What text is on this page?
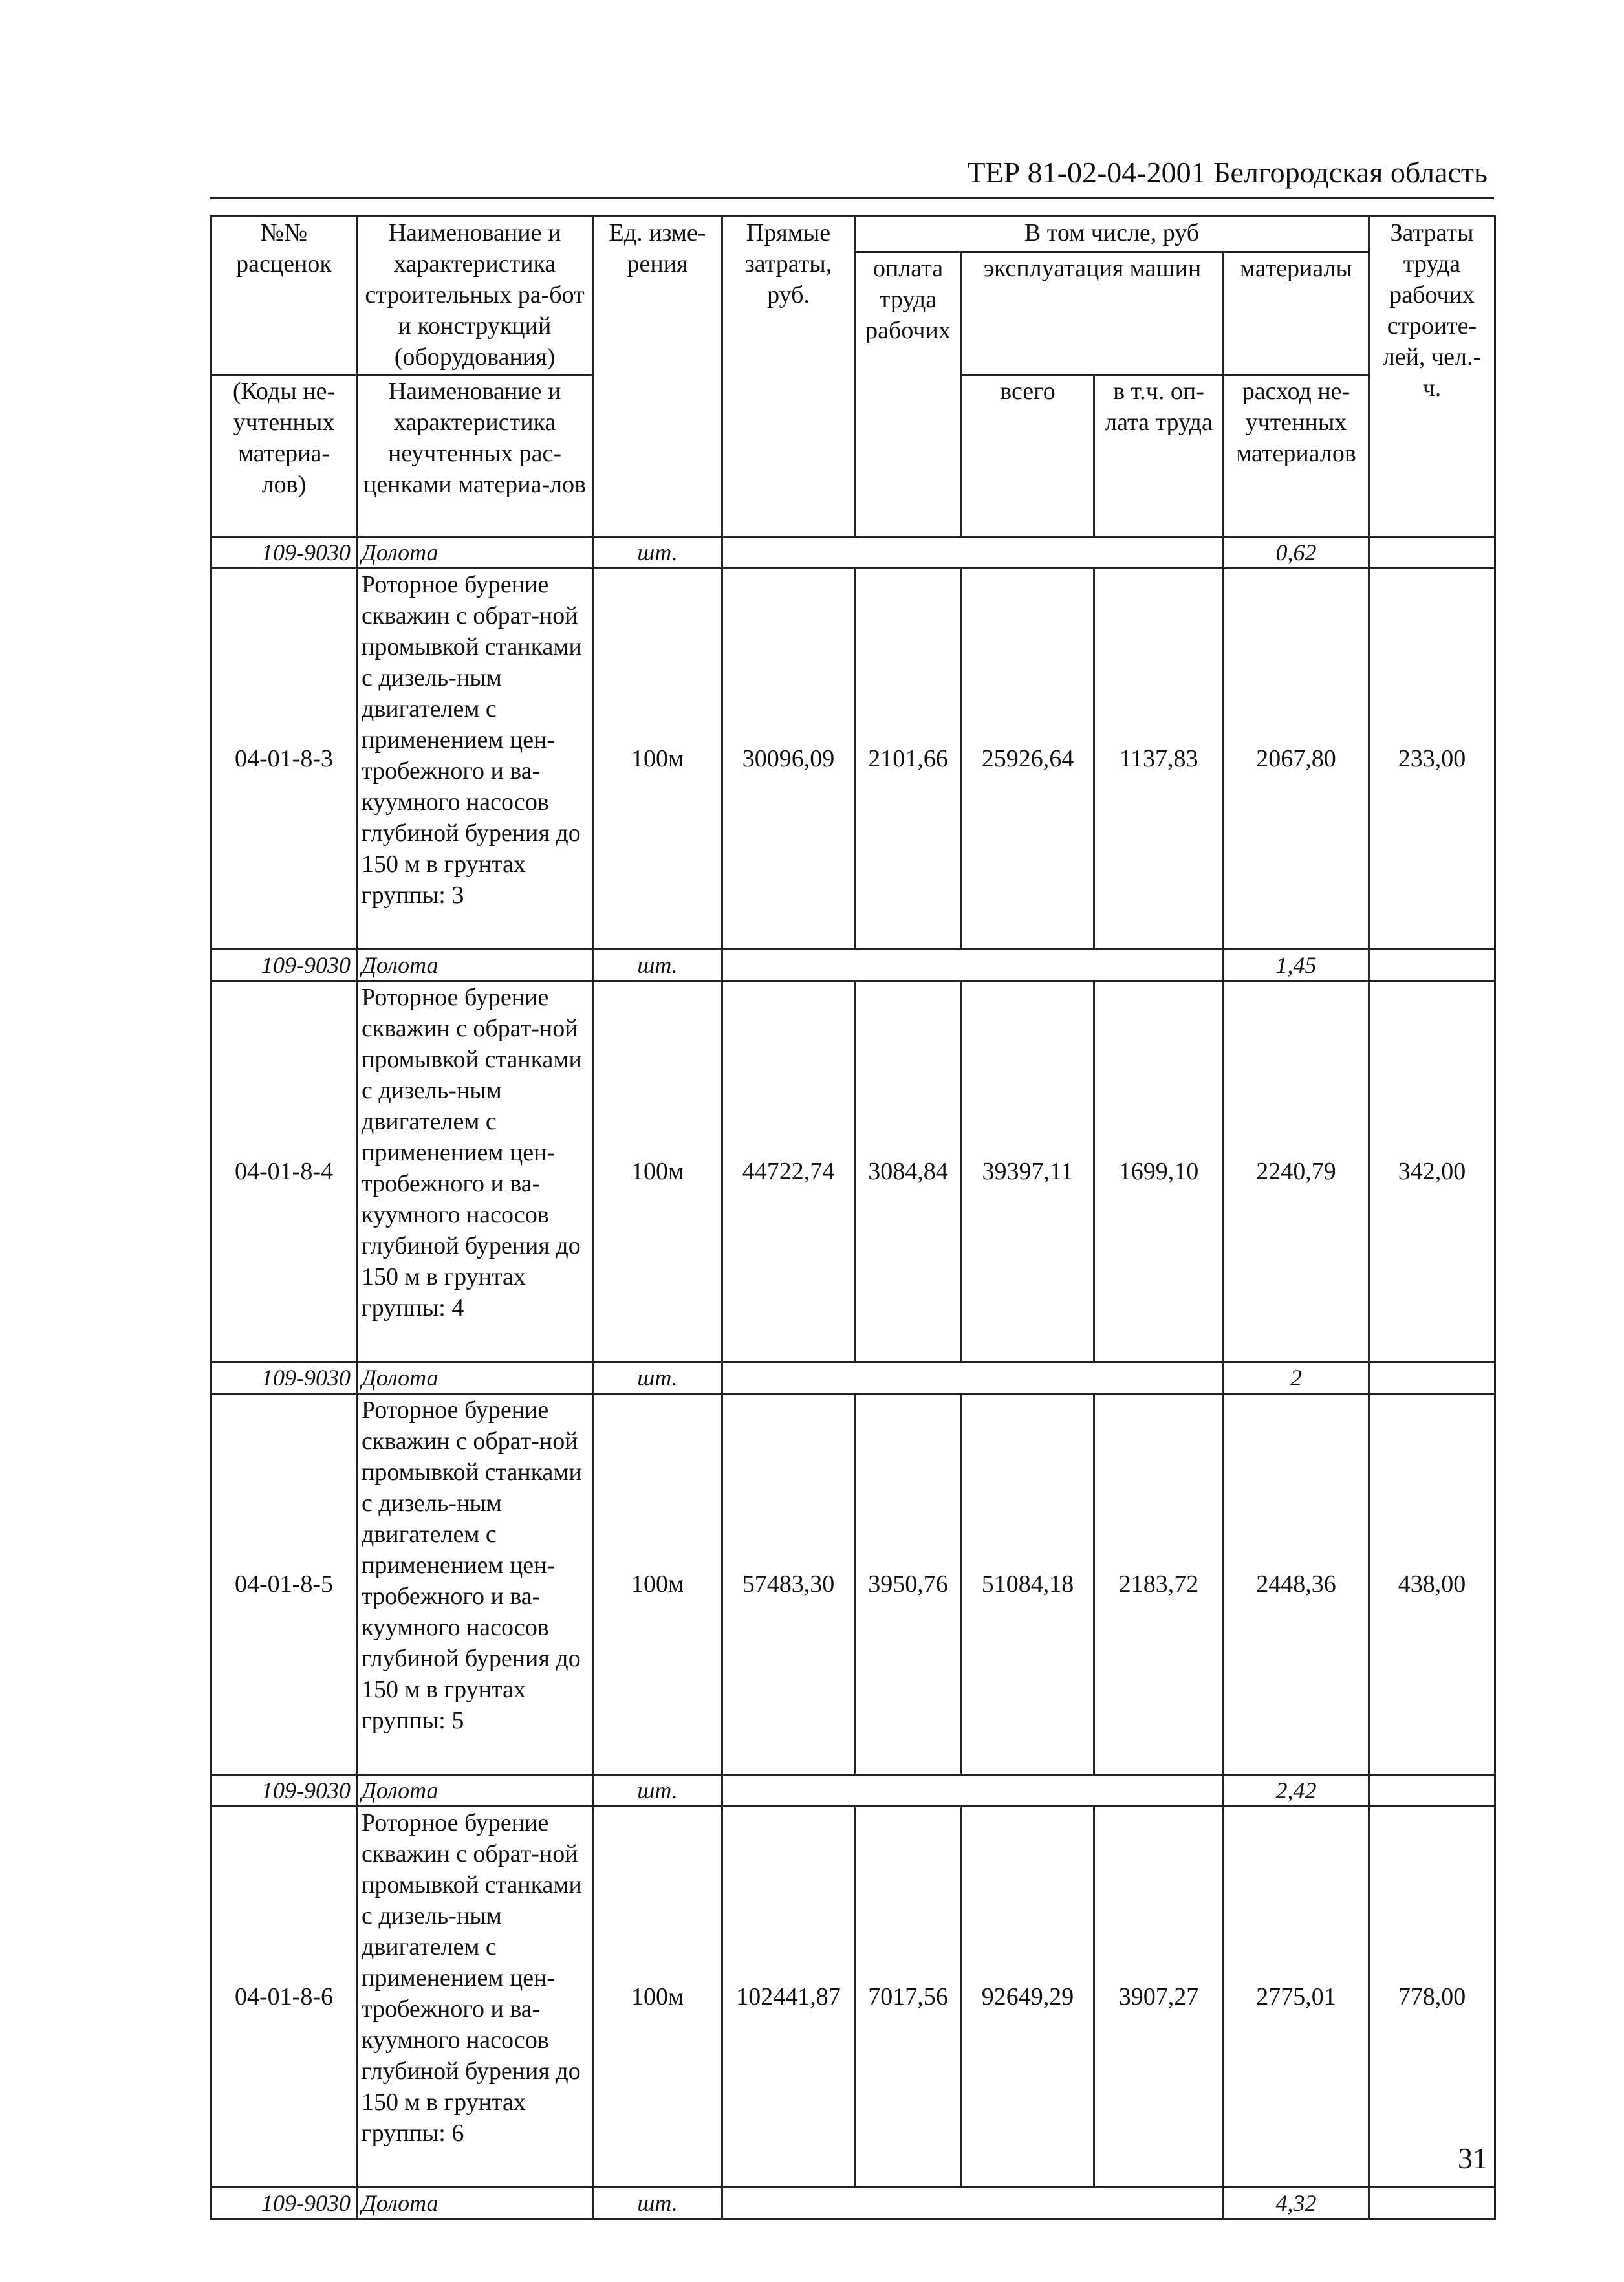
ТЕР 81-02-04-2001 Белгородская область
№№ расценок	Наименование и характеристика строительных ра-бот и конструкций (оборудования)	Ед. изме-рения	Прямые затраты, руб.	В том числе, руб				Затраты труда рабочих строите-лей, чел.-ч.
				оплата труда рабочих	эксплуатация машин		материалы	
(Коды не-учтенных материа-лов)	Наименование и характеристика неучтенных рас-ценками материа-лов				всего	в т.ч. оп-лата труда	расход не-учтенных материалов	

109-9030	Долота	шт.					0,62	
04-01-8-3	Роторное бурение скважин с обрат-ной промывкой станками с дизель-ным двигателем с применением цен-тробежного и ва-куумного насосов глубиной бурения до 150 м в грунтах группы: 3	100м	30096,09	2101,66	25926,64	1137,83	2067,80	233,00
109-9030	Долота	шт.					1,45	
04-01-8-4	Роторное бурение скважин с обрат-ной промывкой станками с дизель-ным двигателем с применением цен-тробежного и ва-куумного насосов глубиной бурения до 150 м в грунтах группы: 4	100м	44722,74	3084,84	39397,11	1699,10	2240,79	342,00
109-9030	Долота	шт.					2	
04-01-8-5	Роторное бурение скважин с обрат-ной промывкой станками с дизель-ным двигателем с применением цен-тробежного и ва-куумного насосов глубиной бурения до 150 м в грунтах группы: 5	100м	57483,30	3950,76	51084,18	2183,72	2448,36	438,00
109-9030	Долота	шт.					2,42	
04-01-8-6	Роторное бурение скважин с обрат-ной промывкой станками с дизель-ным двигателем с применением цен-тробежного и ва-куумного насосов глубиной бурения до 150 м в грунтах группы: 6	100м	102441,87	7017,56	92649,29	3907,27	2775,01	778,00
109-9030	Долота	шт.					4,32	
31
